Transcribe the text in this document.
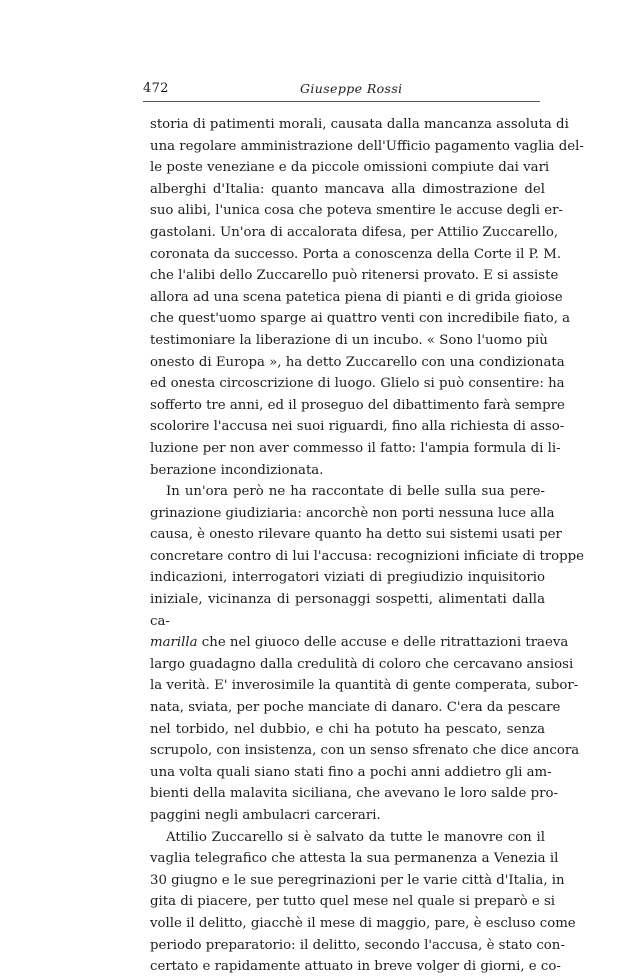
472	Giuseppe Rossi
storia di patimenti morali, causata dalla mancanza assoluta di
una regolare amministrazione dell'Ufficio pagamento vaglia del-
le poste veneziane e da piccole omissioni compiute dai vari
alberghi d'Italia: quanto mancava alla dimostrazione del
suo alibi, l'unica cosa che poteva smentire le accuse degli er-
gastolani. Un'ora di accalorata difesa, per Attilio Zuccarello,
coronata da successo. Porta a conoscenza della Corte il P. M.
che l'alibi dello Zuccarello può ritenersi provato. E si assiste
allora ad una scena patetica piena di pianti e di grida gioiose
che quest'uomo sparge ai quattro venti con incredibile fiato, a
testimoniare la liberazione di un incubo. « Sono l'uomo più
onesto di Europa », ha detto Zuccarello con una condizionata
ed onesta circoscrizione di luogo. Glielo si può consentire: ha
sofferto tre anni, ed il proseguo del dibattimento farà sempre
scolorire l'accusa nei suoi riguardi, fino alla richiesta di asso-
luzione per non aver commesso il fatto: l'ampia formula di li-
berazione incondizionata.
In un'ora però ne ha raccontate di belle sulla sua pere-
grinazione giudiziaria: ancorchè non porti nessuna luce alla
causa, è onesto rilevare quanto ha detto sui sistemi usati per
concretare contro di lui l'accusa: recognizioni inficiate di troppe
indicazioni, interrogatori viziati di pregiudizio inquisitorio
iniziale, vicinanza di personaggi sospetti, alimentati dalla
ca-
marilla che nel giuoco delle accuse e delle ritrattazioni traeva
largo guadagno dalla credulità di coloro che cercavano ansiosi
la verità. E' inverosimile la quantità di gente comperata, subor-
nata, sviata, per poche manciate di danaro. C'era da pescare
nel torbido, nel dubbio, e chi ha potuto ha pescato, senza
scrupolo, con insistenza, con un senso sfrenato che dice ancora
una volta quali siano stati fino a pochi anni addietro gli am-
bienti della malavita siciliana, che avevano le loro salde pro-
paggini negli ambulacri carcerari.
Attilio Zuccarello si è salvato da tutte le manovre con il
vaglia telegrafico che attesta la sua permanenza a Venezia il
30 giugno e le sue peregrinazioni per le varie città d'Italia, in
gita di piacere, per tutto quel mese nel quale si preparò e si
volle il delitto, giacchè il mese di maggio, pare, è escluso come
periodo preparatorio: il delitto, secondo l'accusa, è stato con-
certato e rapidamente attuato in breve volger di giorni, e co-
